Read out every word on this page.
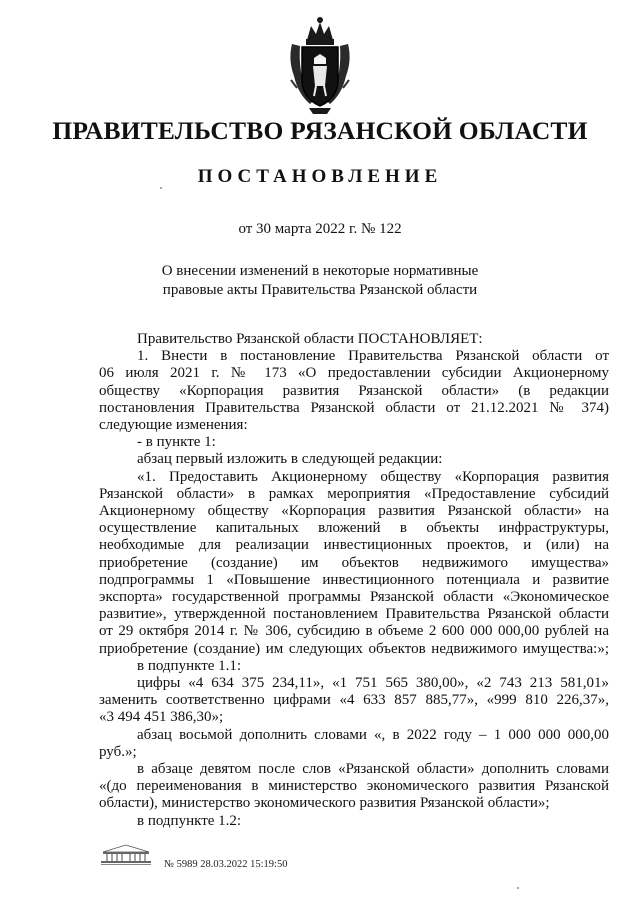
ПРАВИТЕЛЬСТВО РЯЗАНСКОЙ ОБЛАСТИ
ПОСТАНОВЛЕНИЕ
от 30 марта 2022 г. № 122
О внесении изменений в некоторые нормативные
правовые акты Правительства Рязанской области
Правительство Рязанской области ПОСТАНОВЛЯЕТ:
1. Внести в постановление Правительства Рязанской области от
06 июля 2021 г. № 173 «О предоставлении субсидии Акционерному
обществу «Корпорация развития Рязанской области» (в редакции
постановления Правительства Рязанской области от 21.12.2021 № 374)
следующие изменения:
- в пункте 1:
абзац первый изложить в следующей редакции:
«1. Предоставить Акционерному обществу «Корпорация развития
Рязанской области» в рамках мероприятия «Предоставление субсидий
Акционерному обществу «Корпорация развития Рязанской области» на
осуществление капитальных вложений в объекты инфраструктуры,
необходимые для реализации инвестиционных проектов, и (или) на
приобретение (создание) им объектов недвижимого имущества»
подпрограммы 1 «Повышение инвестиционного потенциала и развитие
экспорта» государственной программы Рязанской области «Экономическое
развитие», утвержденной постановлением Правительства Рязанской области
от 29 октября 2014 г. № 306, субсидию в объеме 2 600 000 000,00 рублей на
приобретение (создание) им следующих объектов недвижимого имущества:»;
в подпункте 1.1:
цифры «4 634 375 234,11», «1 751 565 380,00», «2 743 213 581,01»
заменить соответственно цифрами «4 633 857 885,77», «999 810 226,37»,
«3 494 451 386,30»;
абзац восьмой дополнить словами «, в 2022 году – 1 000 000 000,00 руб.»;
в абзаце девятом после слов «Рязанской области» дополнить словами
«(до переименования в министерство экономического развития Рязанской
области), министерство экономического развития Рязанской области»;
в подпункте 1.2:
№ 5989 28.03.2022 15:19:50
